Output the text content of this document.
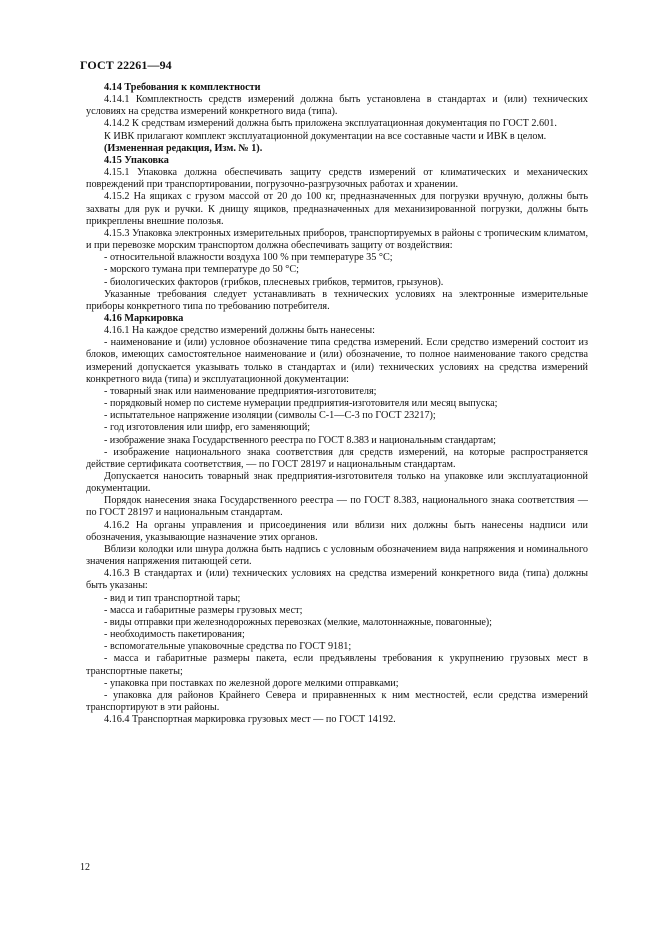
ГОСТ 22261—94

4.14 Требования к комплектности

4.14.1 Комплектность средств измерений должна быть установлена в стандартах и (или) технических условиях на средства измерений конкретного вида (типа).

4.14.2 К средствам измерений должна быть приложена эксплуатационная документация по ГОСТ 2.601.

К ИВК прилагают комплект эксплуатационной документации на все составные части и ИВК в целом.

(Измененная редакция, Изм. № 1).

4.15 Упаковка

4.15.1 Упаковка должна обеспечивать защиту средств измерений от климатических и механических повреждений при транспортировании, погрузочно-разгрузочных работах и хранении.

4.15.2 На ящиках с грузом массой от 20 до 100 кг, предназначенных для погрузки вручную, должны быть захваты для рук и ручки. К днищу ящиков, предназначенных для механизированной погрузки, должны быть прикреплены внешние полозья.

4.15.3 Упаковка электронных измерительных приборов, транспортируемых в районы с тропическим климатом, и при перевозке морским транспортом должна обеспечивать защиту от воздействия:

- относительной влажности воздуха 100 % при температуре 35 °С;

- морского тумана при температуре до 50 °С;

- биологических факторов (грибков, плесневых грибков, термитов, грызунов).

Указанные требования следует устанавливать в технических условиях на электронные измерительные приборы конкретного типа по требованию потребителя.

4.16 Маркировка

4.16.1 На каждое средство измерений должны быть нанесены:

- наименование и (или) условное обозначение типа средства измерений. Если средство измерений состоит из блоков, имеющих самостоятельное наименование и (или) обозначение, то полное наименование такого средства измерений допускается указывать только в стандартах и (или) технических условиях на средства измерений конкретного вида (типа) и эксплуатационной документации:

- товарный знак или наименование предприятия-изготовителя;

- порядковый номер по системе нумерации предприятия-изготовителя или месяц выпуска;

- испытательное напряжение изоляции (символы С-1—С-3 по ГОСТ 23217);

- год изготовления или шифр, его заменяющий;

- изображение знака Государственного реестра по ГОСТ 8.383 и национальным стандартам;

- изображение национального знака соответствия для средств измерений, на которые распространяется действие сертификата соответствия, — по ГОСТ 28197 и национальным стандартам.

Допускается наносить товарный знак предприятия-изготовителя только на упаковке или эксплуатационной документации.

Порядок нанесения знака Государственного реестра — по ГОСТ 8.383, национального знака соответствия — по ГОСТ 28197 и национальным стандартам.

4.16.2 На органы управления и присоединения или вблизи них должны быть нанесены надписи или обозначения, указывающие назначение этих органов.

Вблизи колодки или шнура должна быть надпись с условным обозначением вида напряжения и номинального значения напряжения питающей сети.

4.16.3 В стандартах и (или) технических условиях на средства измерений конкретного вида (типа) должны быть указаны:

- вид и тип транспортной тары;

- масса и габаритные размеры грузовых мест;

- виды отправки при железнодорожных перевозках (мелкие, малотоннажные, повагонные);

- необходимость пакетирования;

- вспомогательные упаковочные средства по ГОСТ 9181;

- масса и габаритные размеры пакета, если предъявлены требования к укрупнению грузовых мест в транспортные пакеты;

- упаковка при поставках по железной дороге мелкими отправками;

- упаковка для районов Крайнего Севера и приравненных к ним местностей, если средства измерений транспортируют в эти районы.

4.16.4 Транспортная маркировка грузовых мест — по ГОСТ 14192.

12
